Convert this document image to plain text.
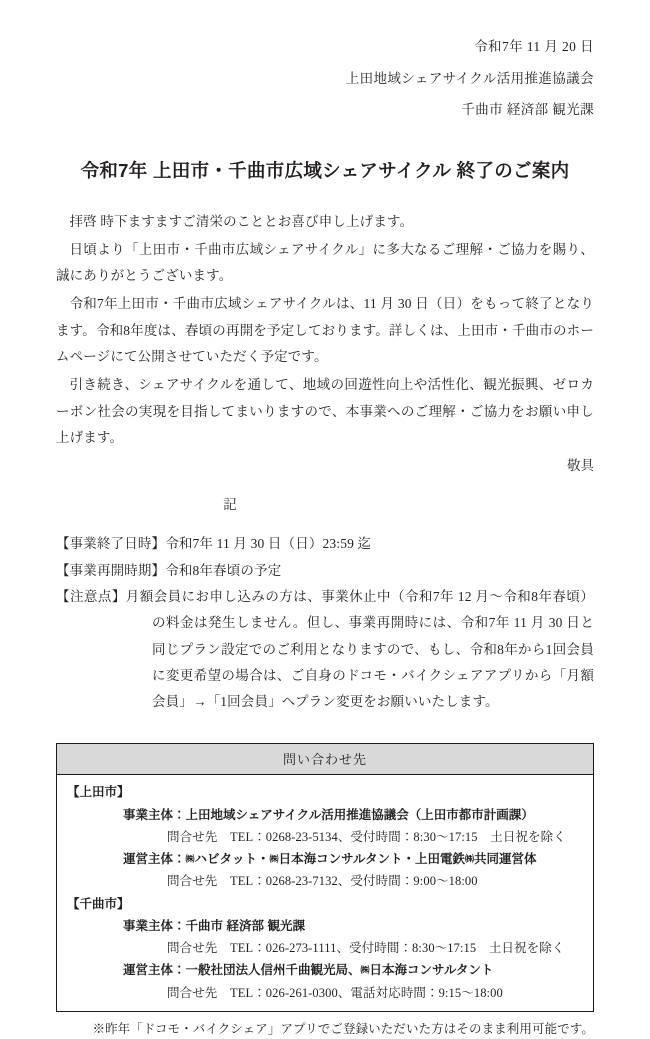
令和7年 11 月 20 日

上田地域シェアサイクル活用推進協議会

千曲市 経済部 観光課

令和7年 上田市・千曲市広域シェアサイクル 終了のご案内

拝啓 時下ますますご清栄のこととお喜び申し上げます。

日頃より「上田市・千曲市広域シェアサイクル」に多大なるご理解・ご協力を賜り、誠にありがとうございます。

令和7年上田市・千曲市広域シェアサイクルは、11 月 30 日（日）をもって終了となります。令和8年度は、春頃の再開を予定しております。詳しくは、上田市・千曲市のホームページにて公開させていただく予定です。

引き続き、シェアサイクルを通して、地域の回遊性向上や活性化、観光振興、ゼロカーボン社会の実現を目指してまいりますので、本事業へのご理解・ご協力をお願い申し上げます。

敬具

記

【事業終了日時】令和7年 11 月 30 日（日）23:59 迄

【事業再開時期】令和8年春頃の予定

【注意点】月額会員にお申し込みの方は、事業休止中（令和7年 12 月～令和8年春頃）の料金は発生しません。但し、事業再開時には、令和7年 11 月 30 日と同じプラン設定でのご利用となりますので、もし、令和8年から1回会員に変更希望の場合は、ご自身のドコモ・バイクシェアアプリから「月額会員」→「1回会員」へプラン変更をお願いいたします。

問い合わせ先

【上田市】

事業主体：上田地域シェアサイクル活用推進協議会（上田市都市計画課）

問合せ先　TEL：0268-23-5134、受付時間：8:30～17:15　土日祝を除く

運営主体：㈱ハビタット・㈱日本海コンサルタント・上田電鉄㈱共同運営体

問合せ先　TEL：0268-23-7132、受付時間：9:00～18:00

【千曲市】

事業主体：千曲市 経済部 観光課

問合せ先　TEL：026-273-1111、受付時間：8:30～17:15　土日祝を除く

運営主体：一般社団法人信州千曲観光局、㈱日本海コンサルタント

問合せ先　TEL：026-261-0300、電話対応時間：9:15～18:00

※昨年「ドコモ・バイクシェア」アプリでご登録いただいた方はそのまま利用可能です。
